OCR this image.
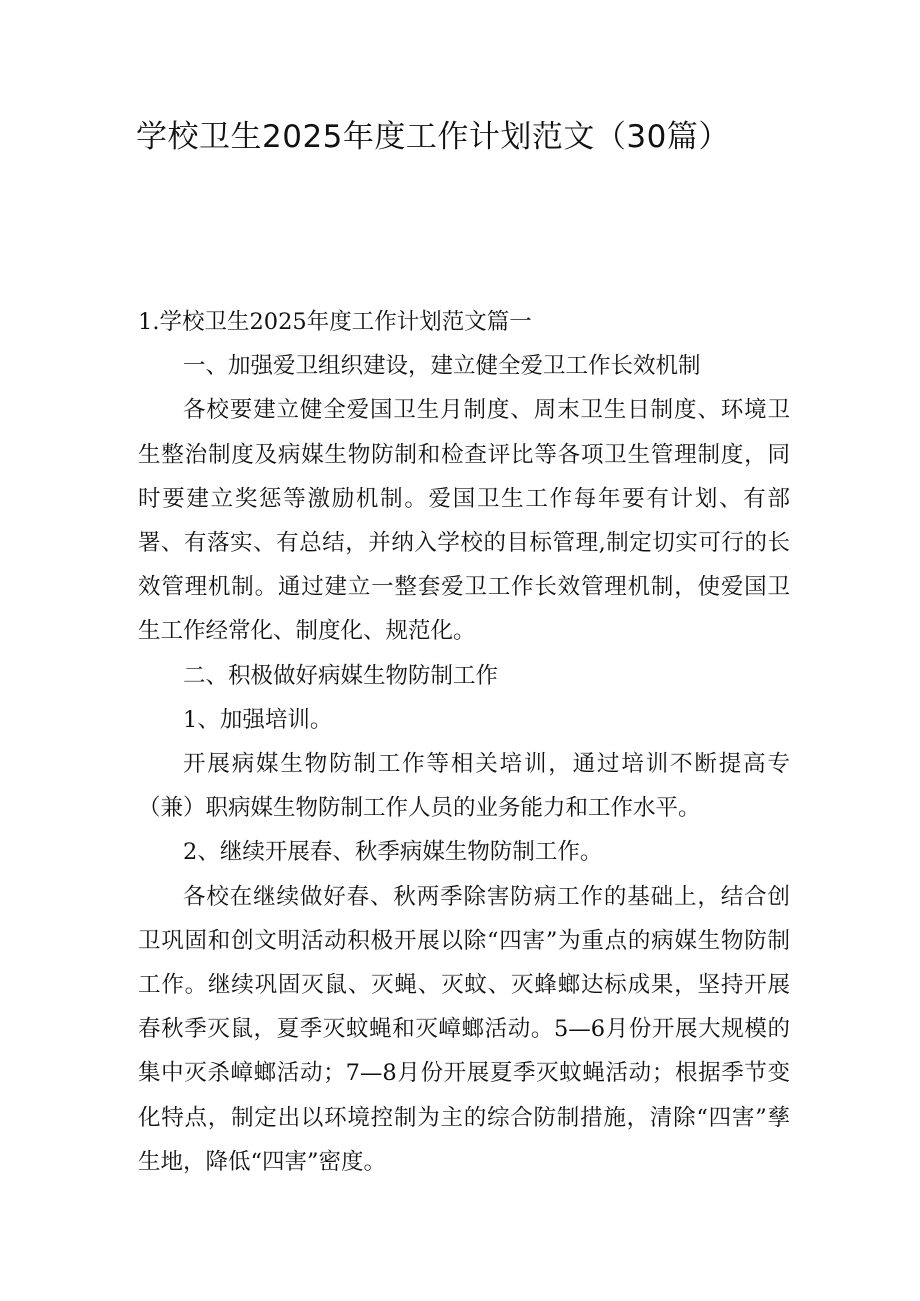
学校卫生2025年度工作计划范文（30篇）

1.学校卫生2025年度工作计划范文篇一

一、加强爱卫组织建设，建立健全爱卫工作长效机制

各校要建立健全爱国卫生月制度、周末卫生日制度、环境卫生整治制度及病媒生物防制和检查评比等各项卫生管理制度，同时要建立奖惩等激励机制。爱国卫生工作每年要有计划、有部署、有落实、有总结，并纳入学校的目标管理,制定切实可行的长效管理机制。通过建立一整套爱卫工作长效管理机制，使爱国卫生工作经常化、制度化、规范化。

二、积极做好病媒生物防制工作

1、加强培训。

开展病媒生物防制工作等相关培训，通过培训不断提高专（兼）职病媒生物防制工作人员的业务能力和工作水平。

2、继续开展春、秋季病媒生物防制工作。

各校在继续做好春、秋两季除害防病工作的基础上，结合创卫巩固和创文明活动积极开展以除“四害”为重点的病媒生物防制工作。继续巩固灭鼠、灭蝇、灭蚊、灭蜂螂达标成果，坚持开展春秋季灭鼠，夏季灭蚊蝇和灭嶂螂活动。5—6月份开展大规模的集中灭杀嶂螂活动；7—8月份开展夏季灭蚊蝇活动；根据季节变化特点，制定出以环境控制为主的综合防制措施，清除“四害”孳生地，降低“四害”密度。
